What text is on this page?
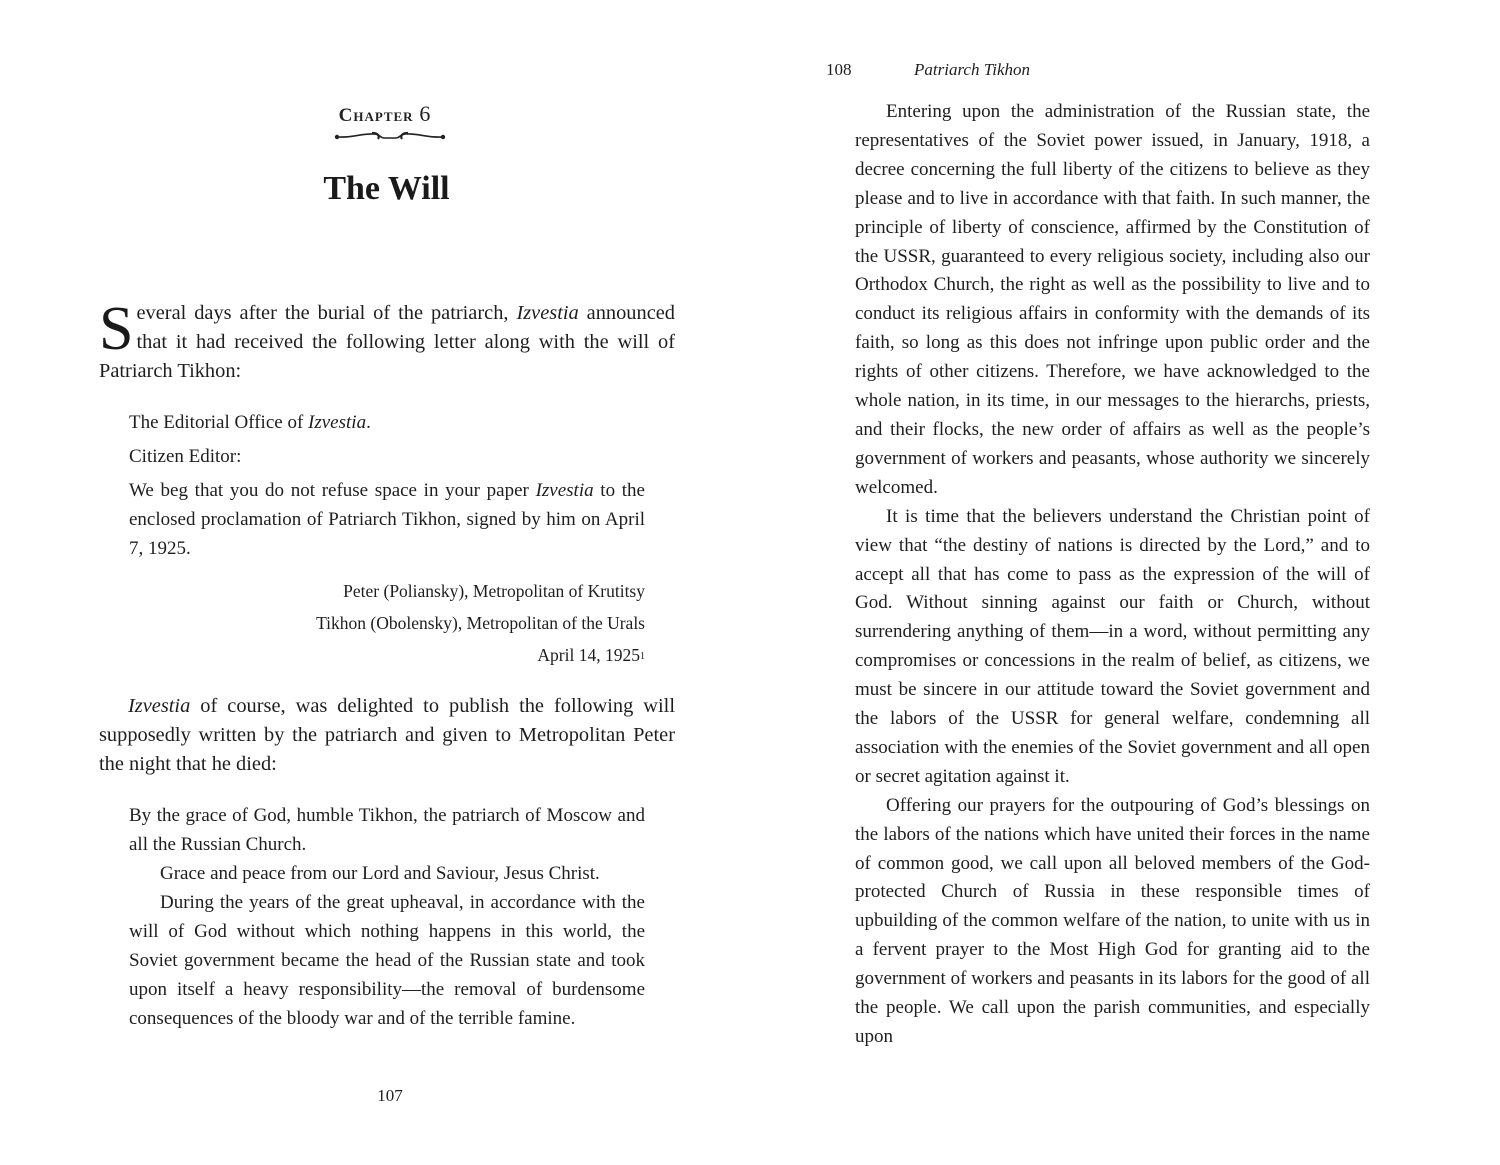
Chapter 6
The Will
Several days after the burial of the patriarch, Izvestia announced that it had received the following letter along with the will of Patriarch Tikhon:

The Editorial Office of Izvestia.

Citizen Editor:

We beg that you do not refuse space in your paper Izvestia to the enclosed proclamation of Patriarch Tikhon, signed by him on April 7, 1925.

Peter (Poliansky), Metropolitan of Krutitsy

Tikhon (Obolensky), Metropolitan of the Urals

April 14, 1925$^1$

Izvestia of course, was delighted to publish the following will supposedly written by the patriarch and given to Metropolitan Peter the night that he died:

By the grace of God, humble Tikhon, the patriarch of Moscow and all the Russian Church.

Grace and peace from our Lord and Saviour, Jesus Christ.

During the years of the great upheaval, in accordance with the will of God without which nothing happens in this world, the Soviet government became the head of the Russian state and took upon itself a heavy responsibility—the removal of burdensome consequences of the bloody war and of the terrible famine.

107
108	Patriarch Tikhon

Entering upon the administration of the Russian state, the representatives of the Soviet power issued, in January, 1918, a decree concerning the full liberty of the citizens to believe as they please and to live in accordance with that faith. In such manner, the principle of liberty of conscience, affirmed by the Constitution of the USSR, guaranteed to every religious society, including also our Orthodox Church, the right as well as the possibility to live and to conduct its religious affairs in conformity with the demands of its faith, so long as this does not infringe upon public order and the rights of other citizens. Therefore, we have acknowledged to the whole nation, in its time, in our messages to the hierarchs, priests, and their flocks, the new order of affairs as well as the people’s government of workers and peasants, whose authority we sincerely welcomed.

It is time that the believers understand the Christian point of view that “the destiny of nations is directed by the Lord,” and to accept all that has come to pass as the expression of the will of God. Without sinning against our faith or Church, without surrendering anything of them—in a word, without permitting any compromises or concessions in the realm of belief, as citizens, we must be sincere in our attitude toward the Soviet government and the labors of the USSR for general welfare, condemning all association with the enemies of the Soviet government and all open or secret agitation against it.

Offering our prayers for the outpouring of God’s blessings on the labors of the nations which have united their forces in the name of common good, we call upon all beloved members of the God-protected Church of Russia in these responsible times of upbuilding of the common welfare of the nation, to unite with us in a fervent prayer to the Most High God for granting aid to the government of workers and peasants in its labors for the good of all the people. We call upon the parish communities, and especially upon
